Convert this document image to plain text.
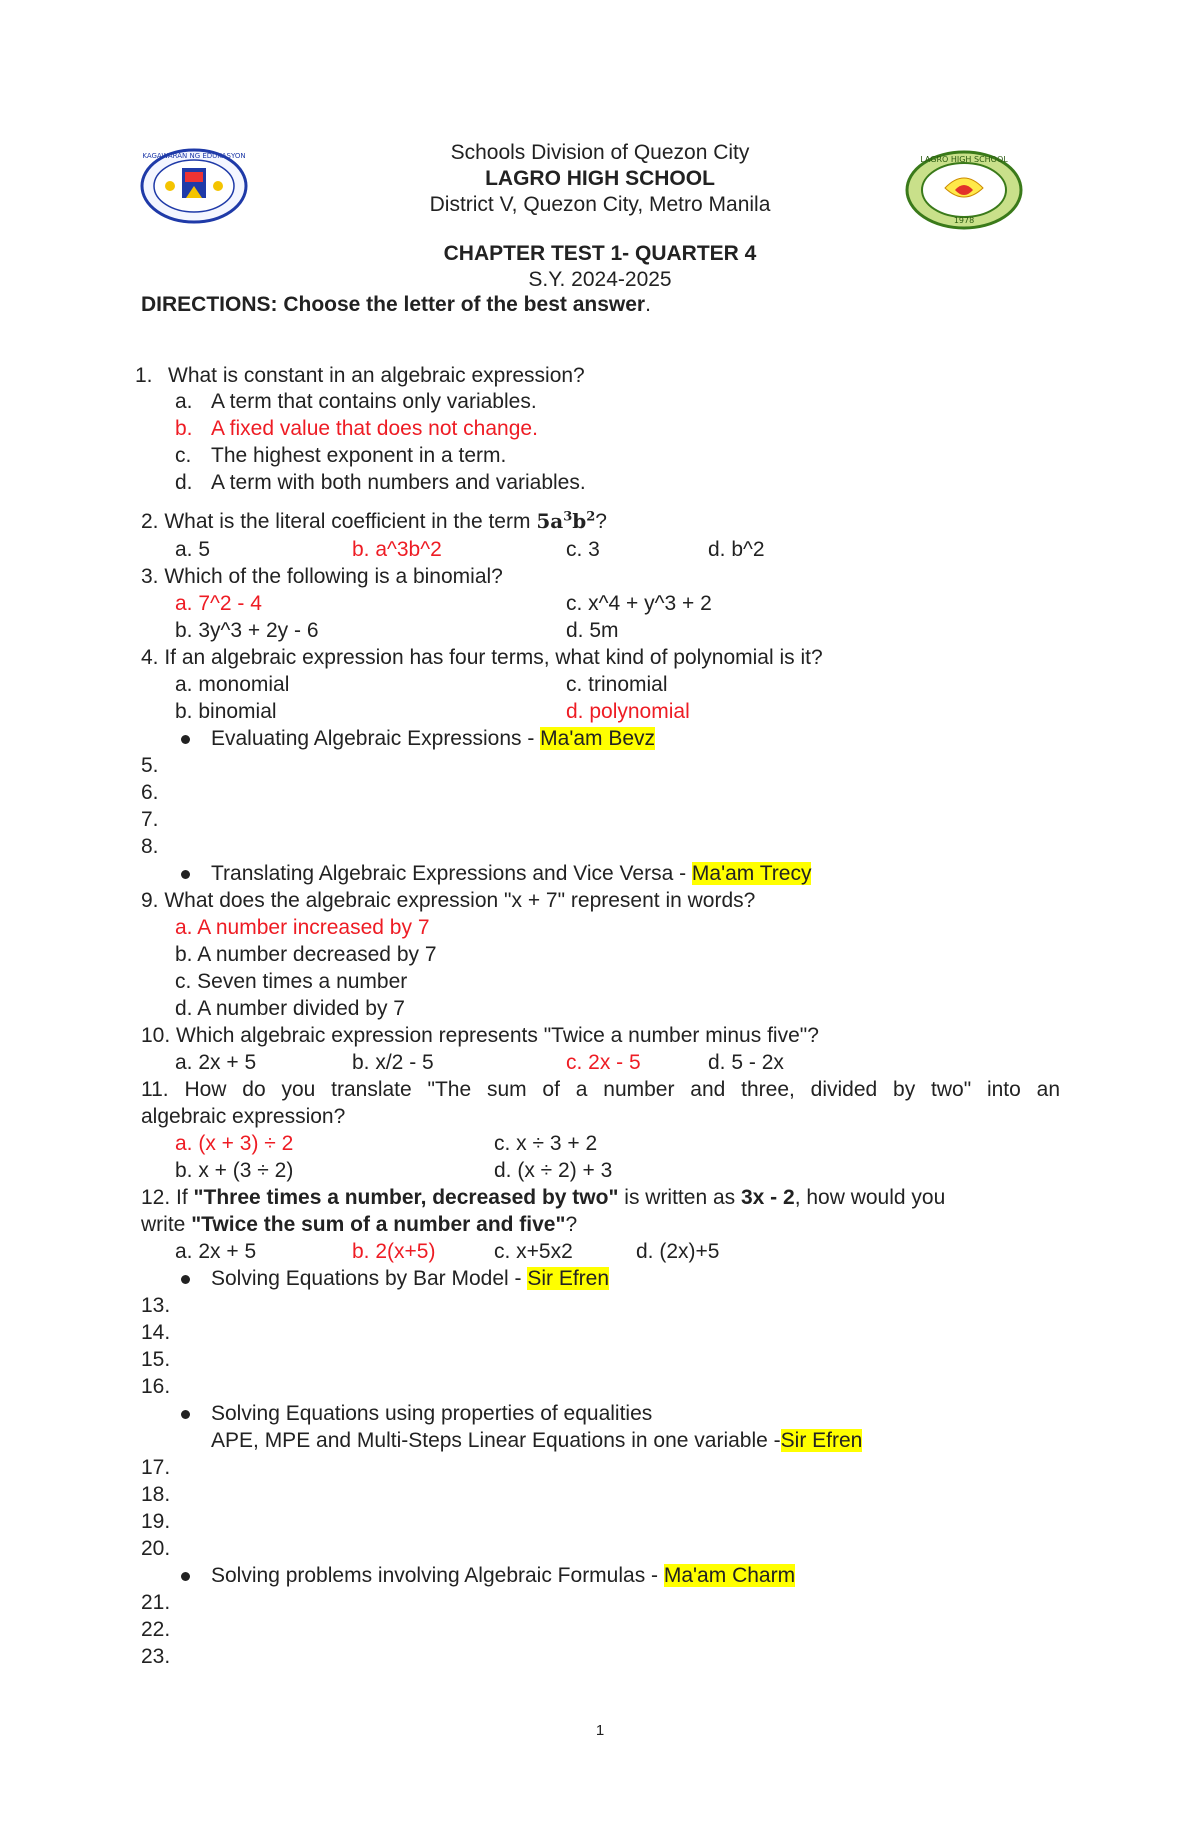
KAGAWARAN NG EDUKASYON	LAGRO HIGH SCHOOL
1978
Schools Division of Quezon City
LAGRO HIGH SCHOOL
District V, Quezon City, Metro Manila
CHAPTER TEST 1- QUARTER 4
S.Y. 2024-2025
DIRECTIONS: Choose the letter of the best answer.
1. What is constant in an algebraic expression?
a. A term that contains only variables.
b. A fixed value that does not change.
c. The highest exponent in a term.
d. A term with both numbers and variables.
2. What is the literal coefficient in the term $5a^3b^2$?
a. 5	b. a^3b^2	c. 3	d. b^2
3. Which of the following is a binomial?
a. 7^2 - 4	c. x^4 + y^3 + 2
b. 3y^3 + 2y - 6	d. 5m
4. If an algebraic expression has four terms, what kind of polynomial is it?
a. monomial	c. trinomial
b. binomial	d. polynomial
Evaluating Algebraic Expressions - Ma'am Bevz
5.
6.
7.
8.
Translating Algebraic Expressions and Vice Versa - Ma'am Trecy
9. What does the algebraic expression "x + 7" represent in words?
a. A number increased by 7
b. A number decreased by 7
c. Seven times a number
d. A number divided by 7
10. Which algebraic expression represents "Twice a number minus five"?
a. 2x + 5	b. x/2 - 5	c. 2x - 5	d. 5 - 2x
11. How do you translate "The sum of a number and three, divided by two" into an
algebraic expression?
a. (x + 3) ÷ 2	c. x ÷ 3 + 2
b. x + (3 ÷ 2)	d. (x ÷ 2) + 3
12. If "Three times a number, decreased by two" is written as 3x - 2, how would you
write "Twice the sum of a number and five"?
a. 2x + 5	b. 2(x+5)	c. x+5x2	d. (2x)+5
Solving Equations by Bar Model - Sir Efren
13.
14.
15.
16.
Solving Equations using properties of equalities
APE, MPE and Multi-Steps Linear Equations in one variable -Sir Efren
17.
18.
19.
20.
Solving problems involving Algebraic Formulas - Ma'am Charm
21.
22.
23.
1
